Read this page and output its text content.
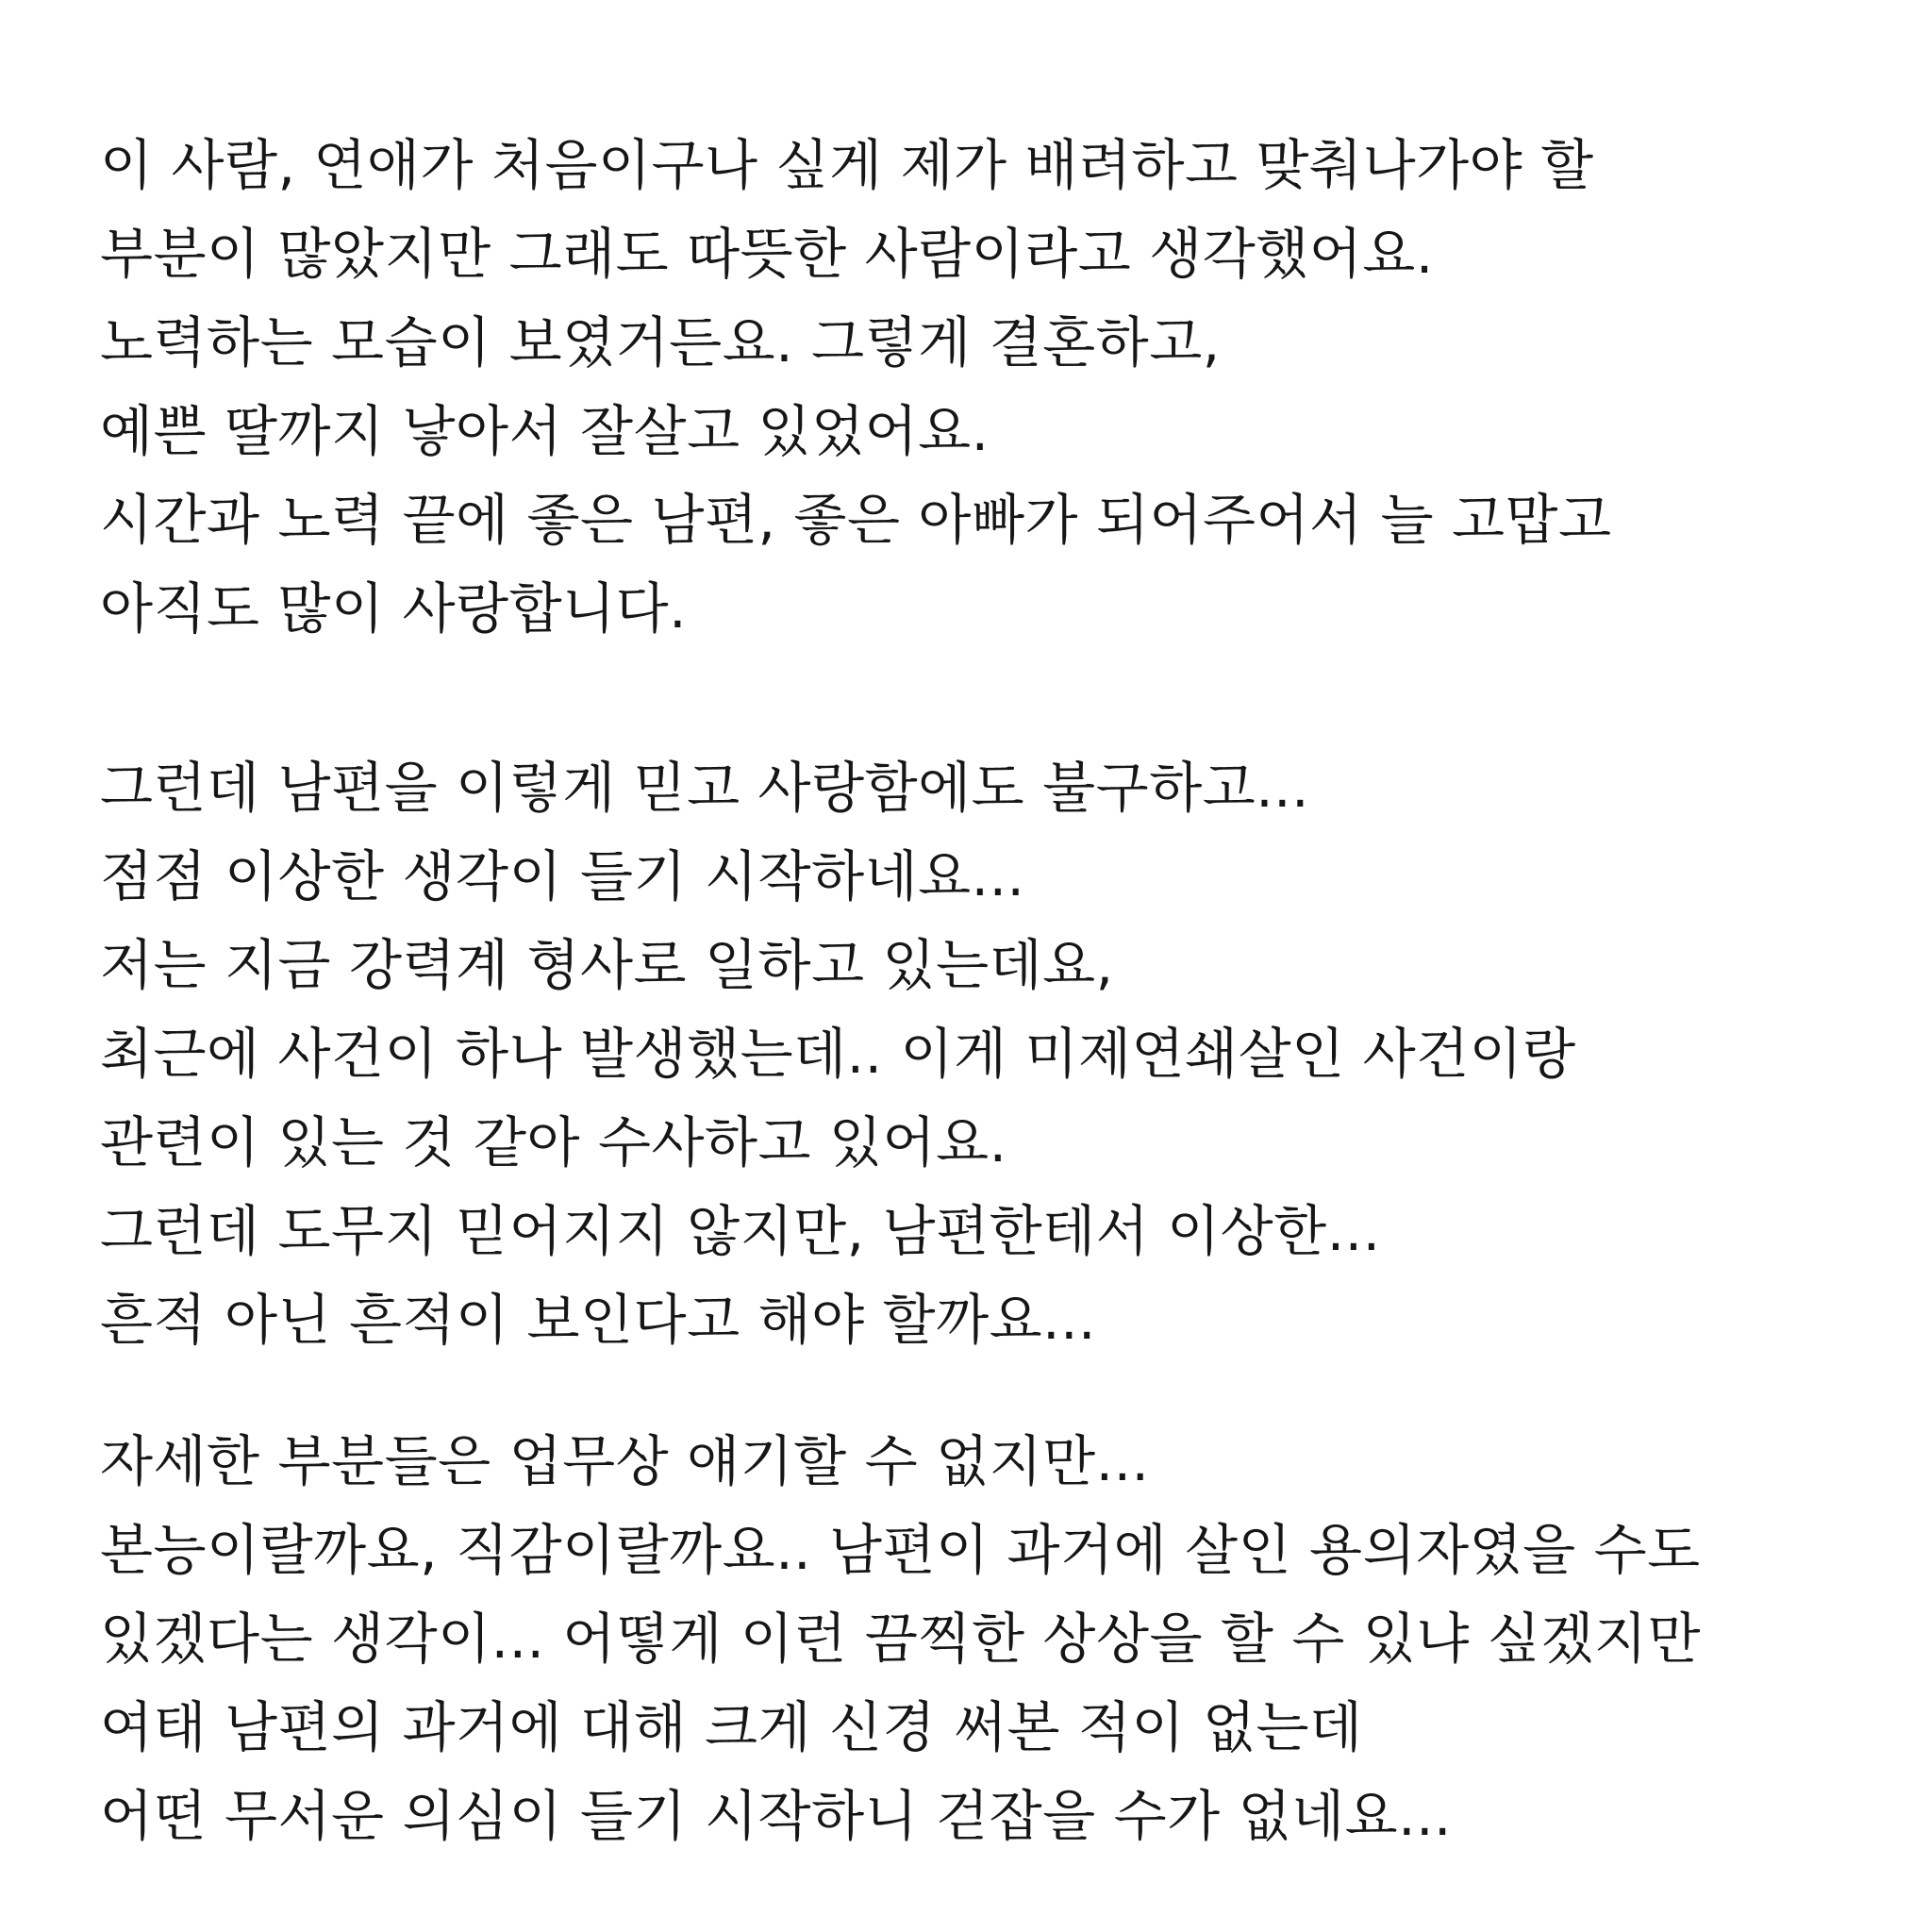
이 사람, 연애가 처음이구나 싶게 제가 배려하고 맞춰나가야 할
부분이 많았지만 그래도 따뜻한 사람이라고 생각했어요.
노력하는 모습이 보였거든요. 그렇게 결혼하고,
예쁜 딸까지 낳아서 잘살고 있었어요.
시간과 노력 끝에 좋은 남편, 좋은 아빠가 되어주어서 늘 고맙고
아직도 많이 사랑합니다.
그런데 남편을 이렇게 믿고 사랑함에도 불구하고...
점점 이상한 생각이 들기 시작하네요...
저는 지금 강력계 형사로 일하고 있는데요,
최근에 사건이 하나 발생했는데.. 이게 미제연쇄살인 사건이랑
관련이 있는 것 같아 수사하고 있어요.
그런데 도무지 믿어지지 않지만, 남편한테서 이상한...
흔적 아닌 흔적이 보인다고 해야 할까요...
자세한 부분들은 업무상 얘기할 수 없지만...
본능이랄까요, 직감이랄까요.. 남편이 과거에 살인 용의자였을 수도
있겠다는 생각이... 어떻게 이런 끔찍한 상상을 할 수 있냐 싶겠지만
여태 남편의 과거에 대해 크게 신경 써본 적이 없는데
어떤 무서운 의심이 들기 시작하니 걷잡을 수가 없네요...
